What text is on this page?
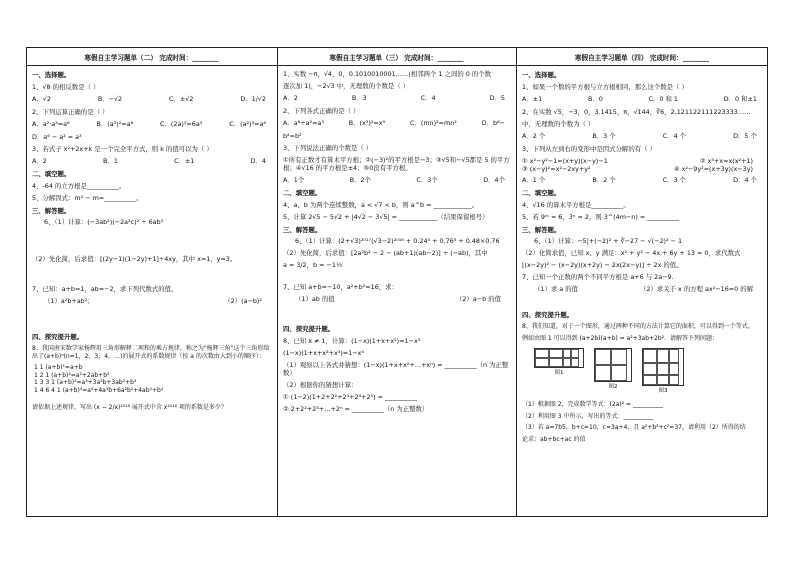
寒假自主学习题单（二） 完成时间：________
一、选择题。
1、√8 的相反数是（ ）
A．√2	B．−√2	C．±√2	D．1/√2
2、下列运算正确的是（ ）
A．a²·a³=a⁶	B．(a³)²=a⁶	C．(2a)³=6a³	C．(a²)³=a⁶
D．a⁶ − a² = a³
3、若式子 x²+2x+k 是一个完全平方式，则 k 的值可以为（ ）
A．2	B．1	C．±1	D．4
二、填空题。
4、-64 的立方根是__________。
5、分解因式：m² − m=__________。
三、解答题。
6、（1）计算：(−3ab²)(−2a²c)² ÷ 6ab³
（2）先化简，后求值：[(2y−1)(1−2y)+1]÷4xy，其中 x=1，y=3。
7、已知：a+b=1，ab=−2，求下列代数式的值。
（1）a²b+ab²；	（2）(a−b)²
四、探究提升题。
8、我国南宋数学家杨辉用三角形解释二项和的乘方规律，称之为"杨辉三角"这个三角形给出了(a+b)ⁿ(n=1，2，3，4，…)的展开式的系数规律（按 a 的次数由大到小的顺序）：
1 1 (a+b)¹=a+b
1 2 1 (a+b)²=a²+2ab+b²
1 3 3 1 (a+b)³=a³+3a²b+3ab²+b³
1 4 6 4 1 (a+b)⁴=a⁴+4a³b+6a²b²+4ab³+b⁴
请依据上述规律，写出 (x − 2/x)²⁰¹⁸ 展开式中含 x²⁰¹⁶ 项的系数是多少？
寒假自主学习题单（三） 完成时间：________
1、实数 −π，√4，0，0.1010010001……(相邻两个 1 之间的 0 的个数
逐次加 1)，−2√3 中，无理数的个数是（ ）
A．2	B．3	C．4	D．5
2、下列各式正确的是（ ）
A．a⁶÷a²=a³	B．(x³)²=x⁹	C．(mn)²=mn²	D．b⁶−
b⁴=b²
3、下列说法正确的个数是（ ）
①所有正数才有算术平方根；②(−3)²的平方根是−3；③√5和−√5都是 5 的平方根；④√16 的平方根是±4；⑤0没有平方根。
A．1个	B．2个	C．3个	D．4个
二、填空题。
4、a、b 为两个连续整数，a < √7 < b，则 a^b = ____________。
5、计算 2√5 − 5√2 + |4√2 − 3√5| = ____________（结果保留根号）
三、解答题。
6、（1）计算：(2+√3)²⁰¹⁷(√3−2)²⁰¹⁸ + 0.24³ + 0.76³ + 0.48×0.76
（2）先化简，后求值：[2a²b² − 2 − (ab+1)(ab−2)] ÷ (−ab)，其中
a = 3/2，b = −1⅓
7、已知 a+b=−10，a²+b²=16，求：
（1）ab 的值	（2）a−b 的值
四、探究提升题。
8、已知 x ≠ 1，计算：(1−x)(1+x+x²)=1−x³
(1−x)(1+x+x²+x³)=1−x⁴
（1）观察以上各式并猜想：(1−x)(1+x+x²+…+xⁿ) = __________（n 为正整数）
（2）根据你的猜想计算：
① (1−2)(1+2+2²+2³+2⁴+2⁵) = __________
② 2+2²+2³+…+2ⁿ = __________（n 为正整数）
寒假自主学习题单（四） 完成时间：________
一、选择题。
1、如果一个数的平方根与立方根相同，那么这个数是（ ）
A．±1	B．0	C．0 和 1	D．0 和±1
2、在实数 √5，−3，0，3.1415，π，√144，∛6，2.121122111223333……
中，无理数的个数为（ ）
A．2 个	B．3 个	C．4 个	D．5 个
3、下列从左到右的变形中是因式分解的有（ ）
① x²−y²−1=(x+y)(x−y)−1	② x³+x=x(x²+1)
③ (x−y)²=x²−2xy+y²	④ x²−9y²=(x+3y)(x−3y)
A．1 个	B．2 个	C．3 个	D．4 个
二、填空题。
4、√16 的算术平方根是__________。
5、若 9ᵐ = 6，3ⁿ = 2，则 3^(4m−n) = __________
三、解答题。
6、（1）计算：−5|+(−2)² + ∛−27 − √(−2)² − 1
（2）化简求值，已知 x、y 满足：x² + y² − 4x + 6y + 13 = 0，求代数式
[(x−2y)² − (x−2y)(x+2y) − 2x(2x−y)] ÷ 2x 的值。
7、已知一个正数的两个不同平方根是 a+6 与 2a−9.
（1）求 a 的值	（2）求关于 x 的方程 ax²−16=0 的解
四、探究提升题。
8、我们知道，对于一个图形，通过两种不同的方法计算它的面积，可以得到一个等式。
例如由图 1 可以得到 (a+2b)(a+b) = a²+3ab+2b²．请解答下列问题：
图1
图2
图3
（1）根据图 2，完成数学等式：(2a)² = __________
（2）利用图 3 中所示，写出的等式：__________
（3）若 a=7b5，b+c=10，c=3a+4，且 a²+b²+c²=37，请利用（2）所得的结
论求：ab+bc+ac 的值
